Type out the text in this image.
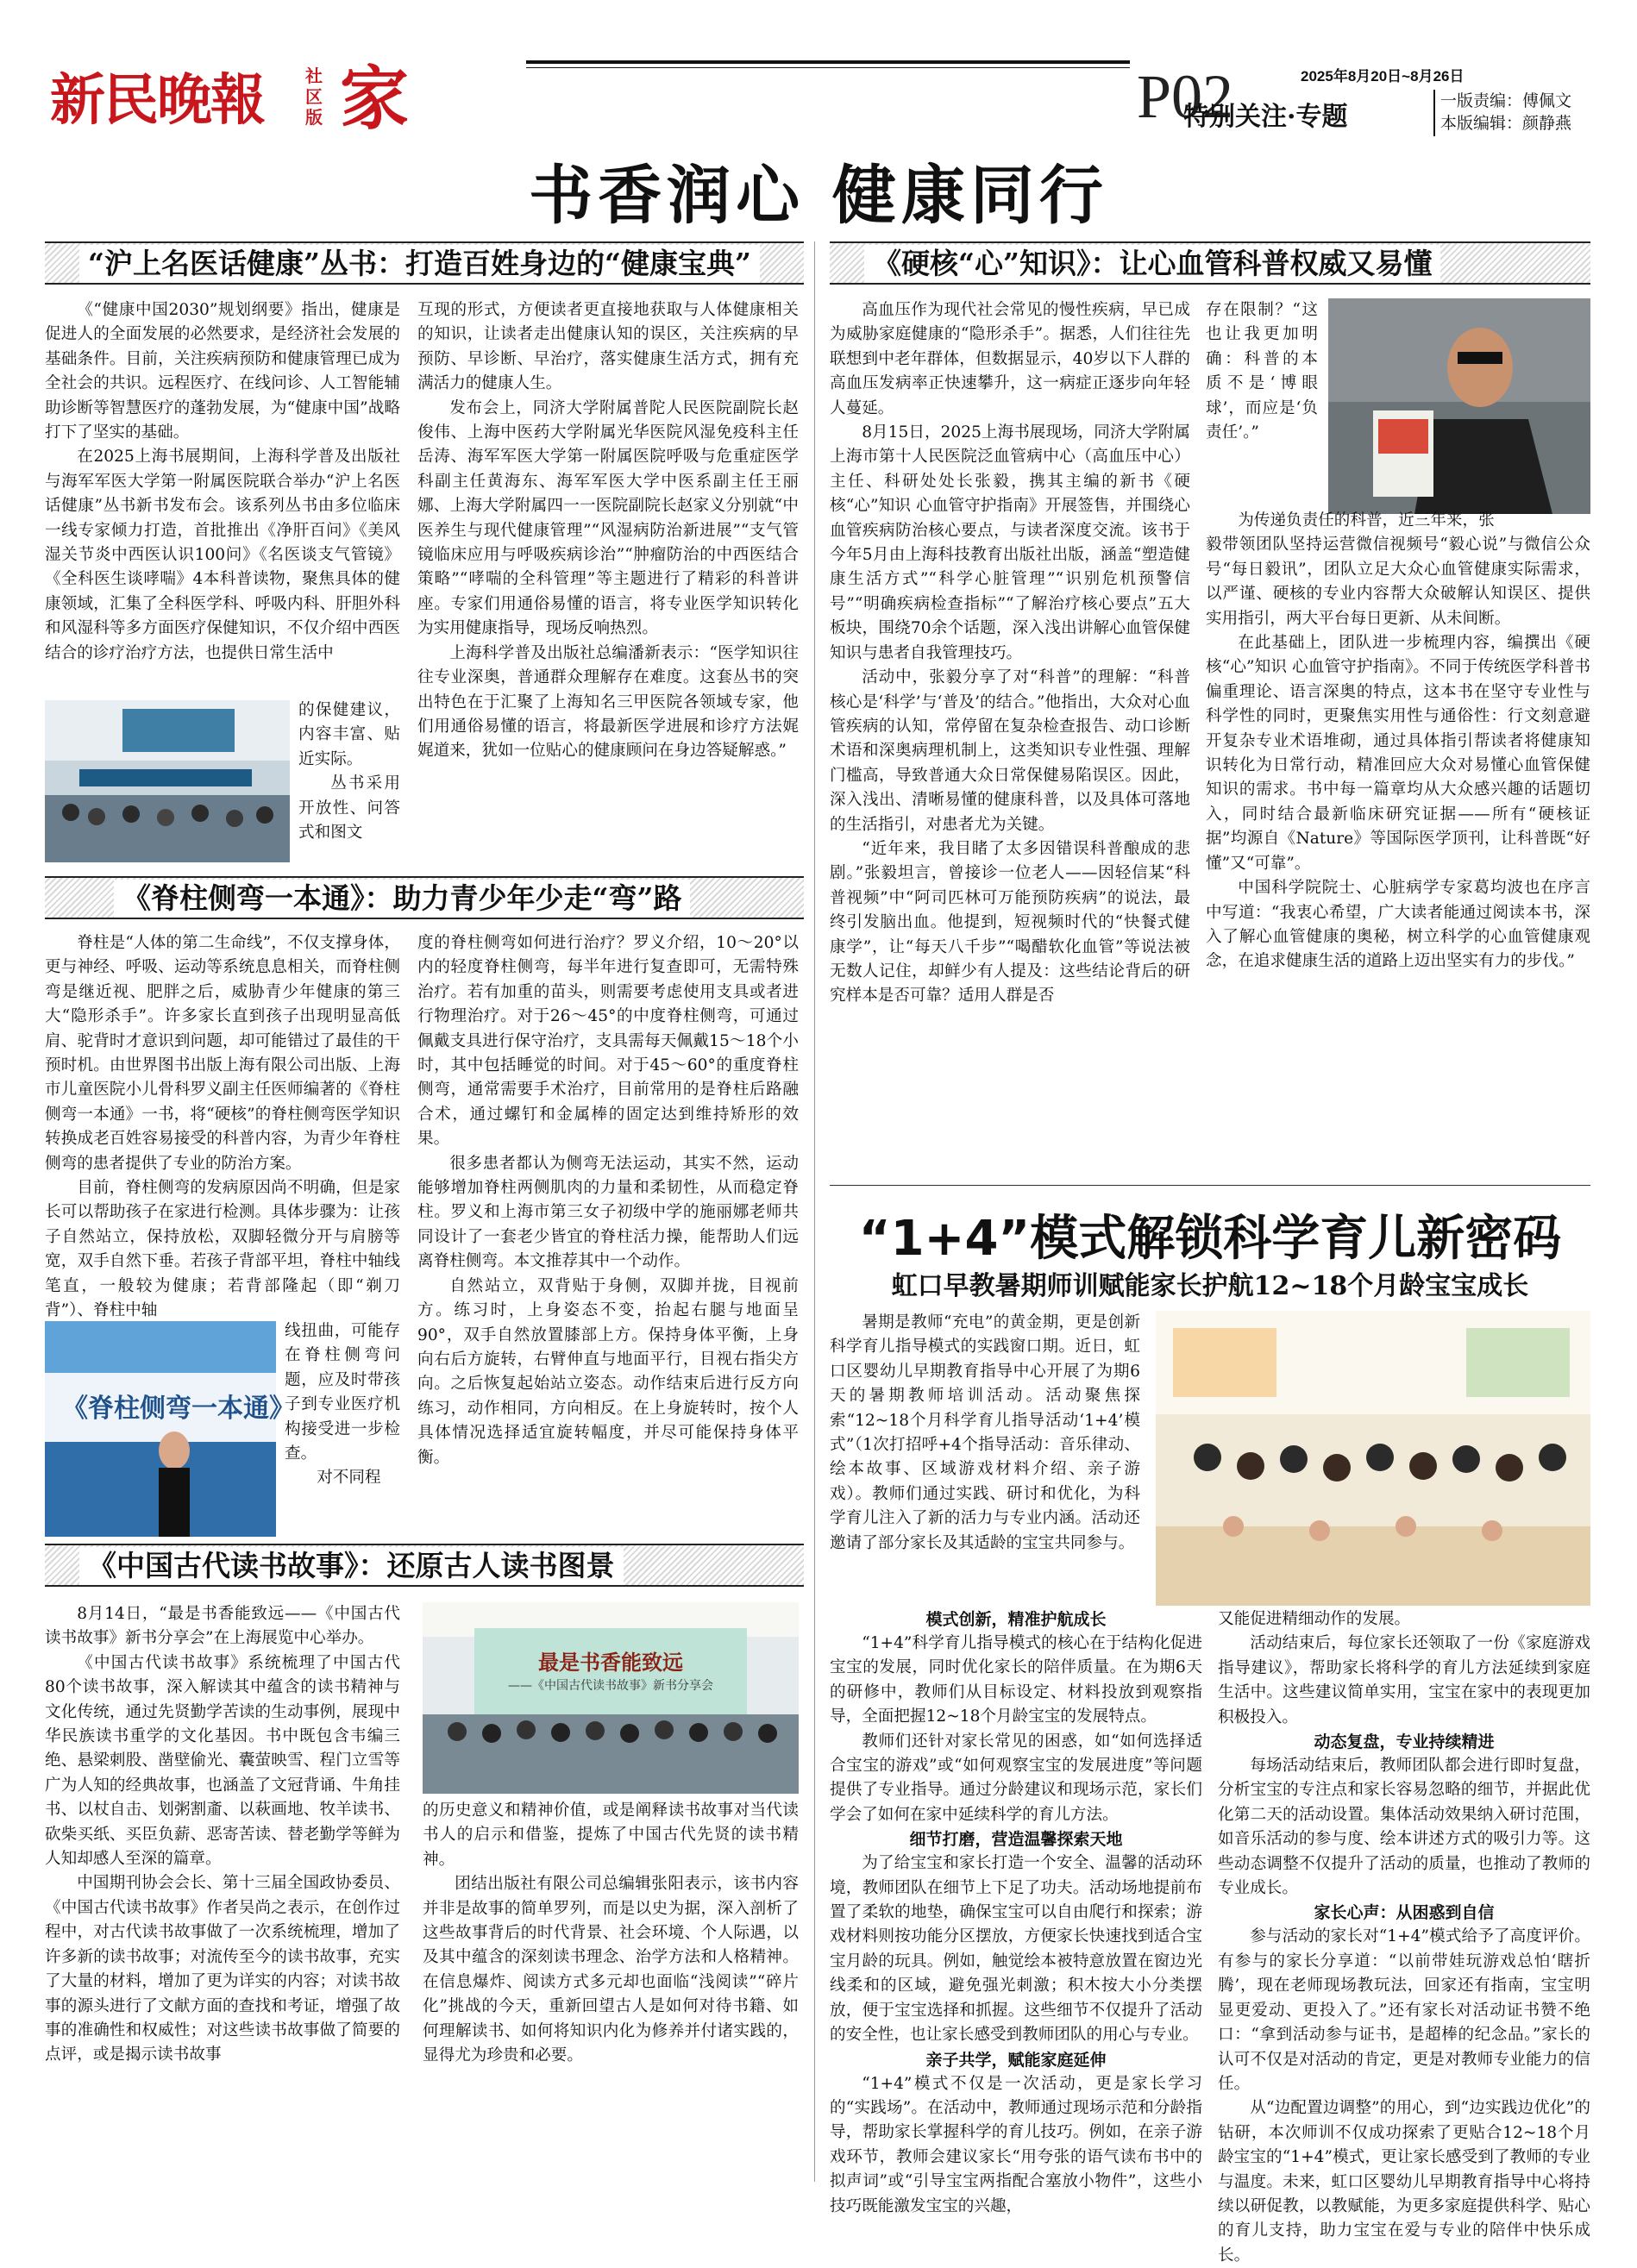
新民晚報 社区版 家	2025年8月20日~8月26日
P02
特别关注·专题
一版责编：傅佩文
本版编辑：颜静燕
书香润心 健康同行
“沪上名医话健康”丛书：打造百姓身边的“健康宝典”

《“健康中国2030”规划纲要》指出，健康是促进人的全面发展的必然要求，是经济社会发展的基础条件。目前，关注疾病预防和健康管理已成为全社会的共识。远程医疗、在线问诊、人工智能辅助诊断等智慧医疗的蓬勃发展，为“健康中国”战略打下了坚实的基础。

在2025上海书展期间，上海科学普及出版社与海军军医大学第一附属医院联合举办“沪上名医话健康”丛书新书发布会。该系列丛书由多位临床一线专家倾力打造，首批推出《净肝百问》《美风湿关节炎中西医认识100问》《名医谈支气管镜》《全科医生谈哮喘》4本科普读物，聚焦具体的健康领域，汇集了全科医学科、呼吸内科、肝胆外科和风湿科等多方面医疗保健知识，不仅介绍中西医结合的诊疗治疗方法，也提供日常生活中

的保健建议，内容丰富、贴近实际。

丛书采用开放性、问答式和图文

互现的形式，方便读者更直接地获取与人体健康相关的知识，让读者走出健康认知的误区，关注疾病的早预防、早诊断、早治疗，落实健康生活方式，拥有充满活力的健康人生。

发布会上，同济大学附属普陀人民医院副院长赵俊伟、上海中医药大学附属光华医院风湿免疫科主任岳涛、海军军医大学第一附属医院呼吸与危重症医学科副主任黄海东、海军军医大学中医系副主任王丽娜、上海大学附属四一一医院副院长赵家义分别就“中医养生与现代健康管理”“风湿病防治新进展”“支气管镜临床应用与呼吸疾病诊治”“肿瘤防治的中西医结合策略”“哮喘的全科管理”等主题进行了精彩的科普讲座。专家们用通俗易懂的语言，将专业医学知识转化为实用健康指导，现场反响热烈。

上海科学普及出版社总编潘新表示：“医学知识往往专业深奥，普通群众理解存在难度。这套丛书的突出特色在于汇聚了上海知名三甲医院各领域专家，他们用通俗易懂的语言，将最新医学进展和诊疗方法娓娓道来，犹如一位贴心的健康顾问在身边答疑解惑。”

《脊柱侧弯一本通》：助力青少年少走“弯”路

脊柱是“人体的第二生命线”，不仅支撑身体，更与神经、呼吸、运动等系统息息相关，而脊柱侧弯是继近视、肥胖之后，威胁青少年健康的第三大“隐形杀手”。许多家长直到孩子出现明显高低肩、驼背时才意识到问题，却可能错过了最佳的干预时机。由世界图书出版上海有限公司出版、上海市儿童医院小儿骨科罗义副主任医师编著的《脊柱侧弯一本通》一书，将“硬核”的脊柱侧弯医学知识转换成老百姓容易接受的科普内容，为青少年脊柱侧弯的患者提供了专业的防治方案。

目前，脊柱侧弯的发病原因尚不明确，但是家长可以帮助孩子在家进行检测。具体步骤为：让孩子自然站立，保持放松，双脚轻微分开与肩膀等宽，双手自然下垂。若孩子背部平坦，脊柱中轴线笔直，一般较为健康；若背部隆起（即“剃刀背”）、脊柱中轴

《脊柱侧弯一本通》

线扭曲，可能存在脊柱侧弯问题，应及时带孩子到专业医疗机构接受进一步检查。

对不同程

度的脊柱侧弯如何进行治疗？罗义介绍，10～20°以内的轻度脊柱侧弯，每半年进行复查即可，无需特殊治疗。若有加重的苗头，则需要考虑使用支具或者进行物理治疗。对于26～45°的中度脊柱侧弯，可通过佩戴支具进行保守治疗，支具需每天佩戴15～18个小时，其中包括睡觉的时间。对于45～60°的重度脊柱侧弯，通常需要手术治疗，目前常用的是脊柱后路融合术，通过螺钉和金属棒的固定达到维持矫形的效果。

很多患者都认为侧弯无法运动，其实不然，运动能够增加脊柱两侧肌肉的力量和柔韧性，从而稳定脊柱。罗义和上海市第三女子初级中学的施丽娜老师共同设计了一套老少皆宜的脊柱活力操，能帮助人们远离脊柱侧弯。本文推荐其中一个动作。

自然站立，双背贴于身侧，双脚并拢，目视前方。练习时，上身姿态不变，抬起右腿与地面呈90°，双手自然放置膝部上方。保持身体平衡，上身向右后方旋转，右臂伸直与地面平行，目视右指尖方向。之后恢复起始站立姿态。动作结束后进行反方向练习，动作相同，方向相反。在上身旋转时，按个人具体情况选择适宜旋转幅度，并尽可能保持身体平衡。

《中国古代读书故事》：还原古人读书图景

8月14日，“最是书香能致远——《中国古代读书故事》新书分享会”在上海展览中心举办。

《中国古代读书故事》系统梳理了中国古代80个读书故事，深入解读其中蕴含的读书精神与文化传统，通过先贤勤学苦读的生动事例，展现中华民族读书重学的文化基因。书中既包含韦编三绝、悬梁刺股、凿壁偷光、囊萤映雪、程门立雪等广为人知的经典故事，也涵盖了文冠背诵、牛角挂书、以杖自击、划粥割齑、以萩画地、牧羊读书、砍柴买纸、买臣负薪、恶寄苦读、替老勤学等鲜为人知却感人至深的篇章。

中国期刊协会会长、第十三届全国政协委员、《中国古代读书故事》作者吴尚之表示，在创作过程中，对古代读书故事做了一次系统梳理，增加了许多新的读书故事；对流传至今的读书故事，充实了大量的材料，增加了更为详实的内容；对读书故事的源头进行了文献方面的查找和考证，增强了故事的准确性和权威性；对这些读书故事做了简要的点评，或是揭示读书故事

最是书香能致远
——《中国古代读书故事》新书分享会

的历史意义和精神价值，或是阐释读书故事对当代读书人的启示和借鉴，提炼了中国古代先贤的读书精神。

团结出版社有限公司总编辑张阳表示，该书内容并非是故事的简单罗列，而是以史为据，深入剖析了这些故事背后的时代背景、社会环境、个人际遇，以及其中蕴含的深刻读书理念、治学方法和人格精神。在信息爆炸、阅读方式多元却也面临“浅阅读”“碎片化”挑战的今天，重新回望古人是如何对待书籍、如何理解读书、如何将知识内化为修养并付诸实践的，显得尤为珍贵和必要。

《硬核“心”知识》：让心血管科普权威又易懂

高血压作为现代社会常见的慢性疾病，早已成为威胁家庭健康的“隐形杀手”。据悉，人们往往先联想到中老年群体，但数据显示，40岁以下人群的高血压发病率正快速攀升，这一病症正逐步向年轻人蔓延。

8月15日，2025上海书展现场，同济大学附属上海市第十人民医院泛血管病中心（高血压中心）主任、科研处处长张毅，携其主编的新书《硬核“心”知识 心血管守护指南》开展签售，并围绕心血管疾病防治核心要点，与读者深度交流。该书于今年5月由上海科技教育出版社出版，涵盖“塑造健康生活方式”“科学心脏管理”“识别危机预警信号”“明确疾病检查指标”“了解治疗核心要点”五大板块，围绕70余个话题，深入浅出讲解心血管保健知识与患者自我管理技巧。

活动中，张毅分享了对“科普”的理解：“科普核心是‘科学’与‘普及’的结合。”他指出，大众对心血管疾病的认知，常停留在复杂检查报告、动口诊断术语和深奥病理机制上，这类知识专业性强、理解门槛高，导致普通大众日常保健易陷误区。因此，深入浅出、清晰易懂的健康科普，以及具体可落地的生活指引，对患者尤为关键。

“近年来，我目睹了太多因错误科普酿成的悲剧。”张毅坦言，曾接诊一位老人——因轻信某“科普视频”中“阿司匹林可万能预防疾病”的说法，最终引发脑出血。他提到，短视频时代的“快餐式健康学”，让“每天八千步”“喝醋软化血管”等说法被无数人记住，却鲜少有人提及：这些结论背后的研究样本是否可靠？适用人群是否

存在限制？“这也让我更加明确：科普的本质不是‘博眼球’，而应是‘负责任’。”

为传递负责任的科普，近三年来，张

毅带领团队坚持运营微信视频号“毅心说”与微信公众号“每日毅讯”，团队立足大众心血管健康实际需求，以严谨、硬核的专业内容帮大众破解认知误区、提供实用指引，两大平台每日更新、从未间断。

在此基础上，团队进一步梳理内容，编撰出《硬核“心”知识 心血管守护指南》。不同于传统医学科普书偏重理论、语言深奥的特点，这本书在坚守专业性与科学性的同时，更聚焦实用性与通俗性：行文刻意避开复杂专业术语堆砌，通过具体指引帮读者将健康知识转化为日常行动，精准回应大众对易懂心血管保健知识的需求。书中每一篇章均从大众感兴趣的话题切入，同时结合最新临床研究证据——所有“硬核证据”均源自《Nature》等国际医学顶刊，让科普既“好懂”又“可靠”。

中国科学院院士、心脏病学专家葛均波也在序言中写道：“我衷心希望，广大读者能通过阅读本书，深入了解心血管健康的奥秘，树立科学的心血管健康观念，在追求健康生活的道路上迈出坚实有力的步伐。”

“1+4”模式解锁科学育儿新密码
虹口早教暑期师训赋能家长护航12~18个月龄宝宝成长

暑期是教师“充电”的黄金期，更是创新科学育儿指导模式的实践窗口期。近日，虹口区婴幼儿早期教育指导中心开展了为期6天的暑期教师培训活动。活动聚焦探索“12~18个月科学育儿指导活动‘1+4’模式”（1次打招呼+4个指导活动：音乐律动、绘本故事、区域游戏材料介绍、亲子游戏）。教师们通过实践、研讨和优化，为科学育儿注入了新的活力与专业内涵。活动还邀请了部分家长及其适龄的宝宝共同参与。

模式创新，精准护航成长

“1+4”科学育儿指导模式的核心在于结构化促进宝宝的发展，同时优化家长的陪伴质量。在为期6天的研修中，教师们从目标设定、材料投放到观察指导，全面把握12~18个月龄宝宝的发展特点。

教师们还针对家长常见的困惑，如“如何选择适合宝宝的游戏”或“如何观察宝宝的发展进度”等问题提供了专业指导。通过分龄建议和现场示范，家长们学会了如何在家中延续科学的育儿方法。

细节打磨，营造温馨探索天地

为了给宝宝和家长打造一个安全、温馨的活动环境，教师团队在细节上下足了功夫。活动场地提前布置了柔软的地垫，确保宝宝可以自由爬行和探索；游戏材料则按功能分区摆放，方便家长快速找到适合宝宝月龄的玩具。例如，触觉绘本被特意放置在窗边光线柔和的区域，避免强光刺激；积木按大小分类摆放，便于宝宝选择和抓握。这些细节不仅提升了活动的安全性，也让家长感受到教师团队的用心与专业。

亲子共学，赋能家庭延伸

“1+4”模式不仅是一次活动，更是家长学习的“实践场”。在活动中，教师通过现场示范和分龄指导，帮助家长掌握科学的育儿技巧。例如，在亲子游戏环节，教师会建议家长“用夸张的语气读布书中的拟声词”或“引导宝宝两指配合塞放小物件”，这些小技巧既能激发宝宝的兴趣，

又能促进精细动作的发展。

活动结束后，每位家长还领取了一份《家庭游戏指导建议》，帮助家长将科学的育儿方法延续到家庭生活中。这些建议简单实用，宝宝在家中的表现更加积极投入。

动态复盘，专业持续精进

每场活动结束后，教师团队都会进行即时复盘，分析宝宝的专注点和家长容易忽略的细节，并据此优化第二天的活动设置。集体活动效果纳入研讨范围，如音乐活动的参与度、绘本讲述方式的吸引力等。这些动态调整不仅提升了活动的质量，也推动了教师的专业成长。

家长心声：从困惑到自信

参与活动的家长对“1+4”模式给予了高度评价。有参与的家长分享道：“以前带娃玩游戏总怕‘瞎折腾’，现在老师现场教玩法，回家还有指南，宝宝明显更爱动、更投入了。”还有家长对活动证书赞不绝口：“拿到活动参与证书，是超棒的纪念品。”家长的认可不仅是对活动的肯定，更是对教师专业能力的信任。

从“边配置边调整”的用心，到“边实践边优化”的钻研，本次师训不仅成功探索了更贴合12~18个月龄宝宝的“1+4”模式，更让家长感受到了教师的专业与温度。未来，虹口区婴幼儿早期教育指导中心将持续以研促教，以教赋能，为更多家庭提供科学、贴心的育儿支持，助力宝宝在爱与专业的陪伴中快乐成长。
